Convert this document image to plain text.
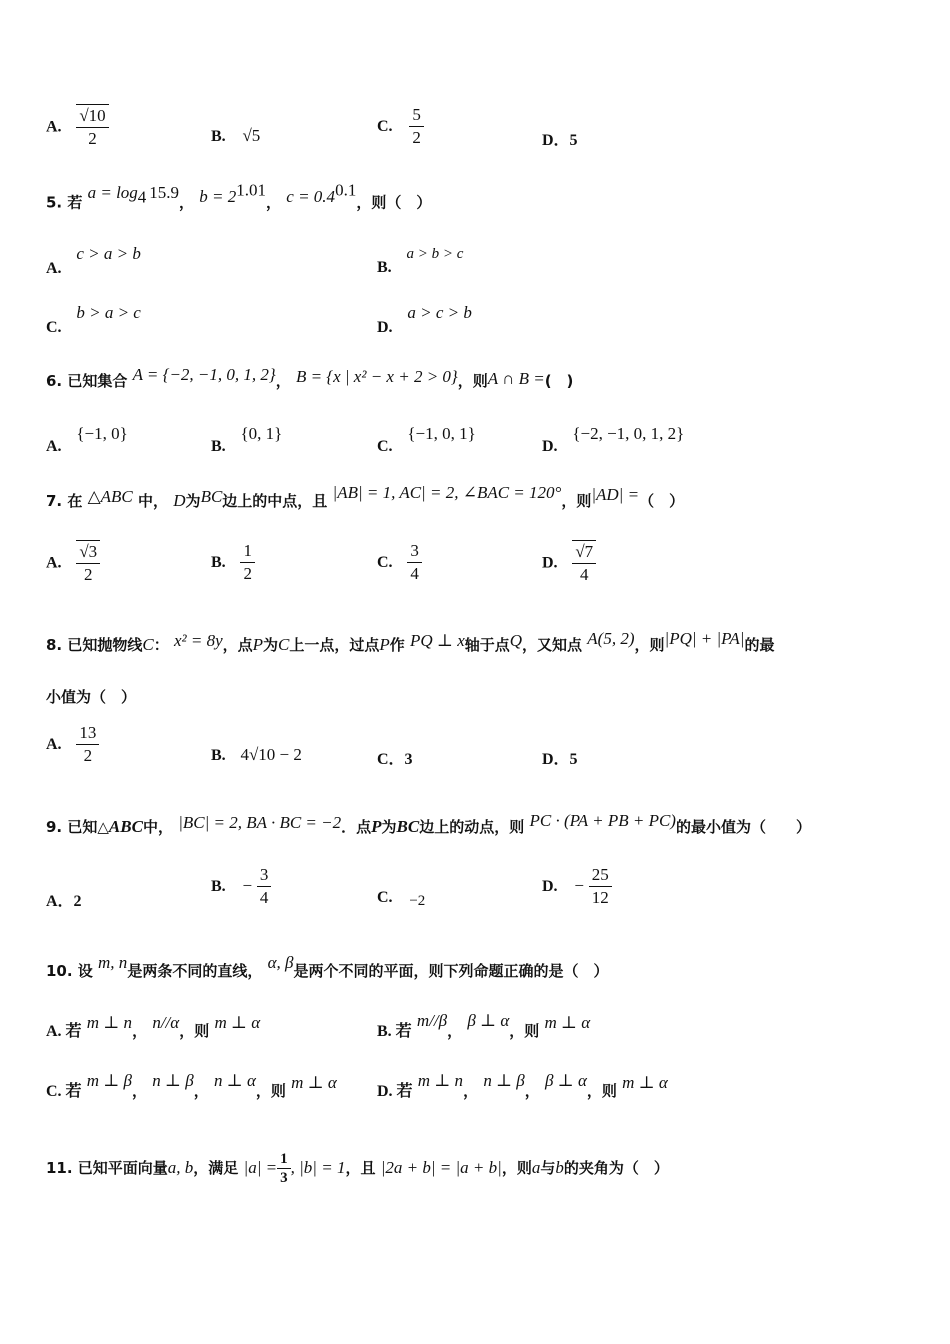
A. $\frac{√10}{2}$	B. √5	C. $\frac{5}{2}$	D．5
5. 若 $a = \log_4 15.9$， $b = 2^{1.01}$， $c = 0.4^{0.1}$，则（　）
A. c > a > b
B. a > b > c
C. b > a > c
D. a > c > b
6. 已知集合 A = {−2, −1, 0, 1, 2}， B = {x | x² − x + 2 > 0}，则A ∩ B =(　)
A. {−1, 0}
B. {0, 1}
C. {−1, 0, 1}
D. {−2, −1, 0, 1, 2}
7. 在 △ABC 中， D为BC边上的中点，且 |AB| = 1, AC| = 2, ∠BAC = 120°，则|AD| =（　）
A. $\frac{√3}{2}$	B. $\frac{1}{2}$	C. $\frac{3}{4}$	D. $\frac{√7}{4}$
8. 已知抛物线C： x² = 8y，点P为C上一点，过点P作 PQ ⊥ x轴于点Q，又知点 A(5, 2)，则|PQ| + |PA|的最
小值为（　）
A. $\frac{13}{2}$	B. 4√10 − 2	C．3	D．5
9. 已知△ABC中， |BC| = 2, BA · BC = −2．点P为BC边上的动点，则 PC · (PA + PB + PC)的最小值为（　　）
A．2
B. − $\frac{3}{4}$	C. −2
D. − $\frac{25}{12}$
10. 设 m, n是两条不同的直线， α, β是两个不同的平面，则下列命题正确的是（　）
A. 若 m ⊥ n， n//α，则 m ⊥ α	B. 若 m//β， β ⊥ α，则 m ⊥ α
C. 若 m ⊥ β， n ⊥ β， n ⊥ α，则 m ⊥ α	D. 若 m ⊥ n， n ⊥ β， β ⊥ α，则 m ⊥ α
11. 已知平面向量a, b，满足 $|a| = \frac{1}{3}$ , |b| = 1，且 |2a + b| = |a + b|，则a与b的夹角为（　）
